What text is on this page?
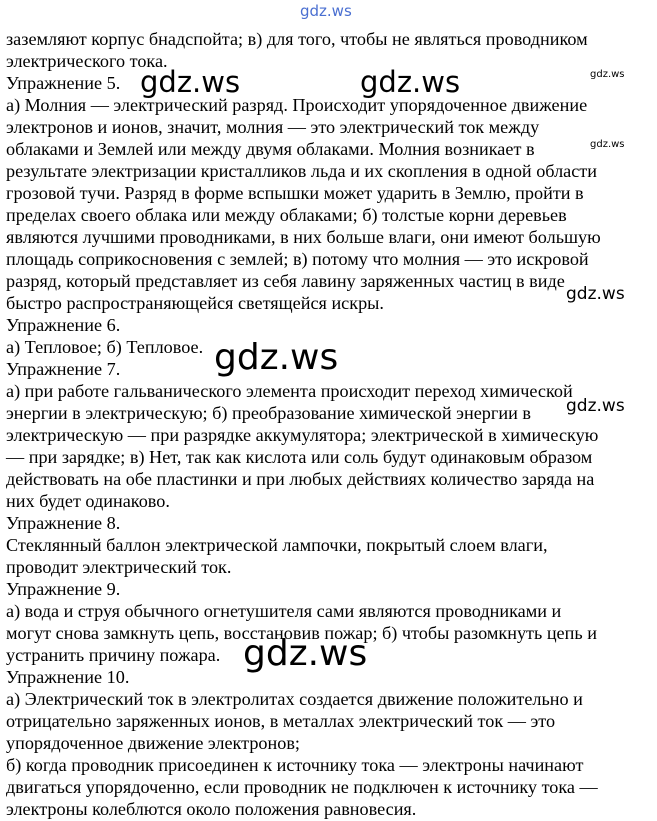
gdz.ws
заземляют корпус бнадспойта; в) для того, чтобы не являться проводником
электрического тока.
Упражнение 5.
а) Молния — электрический разряд. Происходит упорядоченное движение
электронов и ионов, значит, молния — это электрический ток между
облаками и Землей или между двумя облаками. Молния возникает в
результате электризации кристалликов льда и их скопления в одной области
грозовой тучи. Разряд в форме вспышки может ударить в Землю, пройти в
пределах своего облака или между облаками; б) толстые корни деревьев
являются лучшими проводниками, в них больше влаги, они имеют большую
площадь соприкосновения с землей; в) потому что молния — это искровой
разряд, который представляет из себя лавину заряженных частиц в виде
быстро распространяющейся светящейся искры.
Упражнение 6.
а) Тепловое; б) Тепловое.
Упражнение 7.
а) при работе гальванического элемента происходит переход химической
энергии в электрическую; б) преобразование химической энергии в
электрическую — при разрядке аккумулятора; электрической в химическую
— при зарядке; в) Нет, так как кислота или соль будут одинаковым образом
действовать на обе пластинки и при любых действиях количество заряда на
них будет одинаково.
Упражнение 8.
Стеклянный баллон электрической лампочки, покрытый слоем влаги,
проводит электрический ток.
Упражнение 9.
а) вода и струя обычного огнетушителя сами являются проводниками и
могут снова замкнуть цепь, восстановив пожар; б) чтобы разомкнуть цепь и
устранить причину пожара.
Упражнение 10.
а) Электрический ток в электролитах создается движение положительно и
отрицательно заряженных ионов, в металлах электрический ток — это
упорядоченное движение электронов;
б) когда проводник присоединен к источнику тока — электроны начинают
двигаться упорядоченно, если проводник не подключен к источнику тока —
электроны колеблются около положения равновесия.
gdz.ws	gdz.ws	gdz.ws
gdz.ws
gdz.ws
gdz.ws
gdz.ws
gdz.ws
